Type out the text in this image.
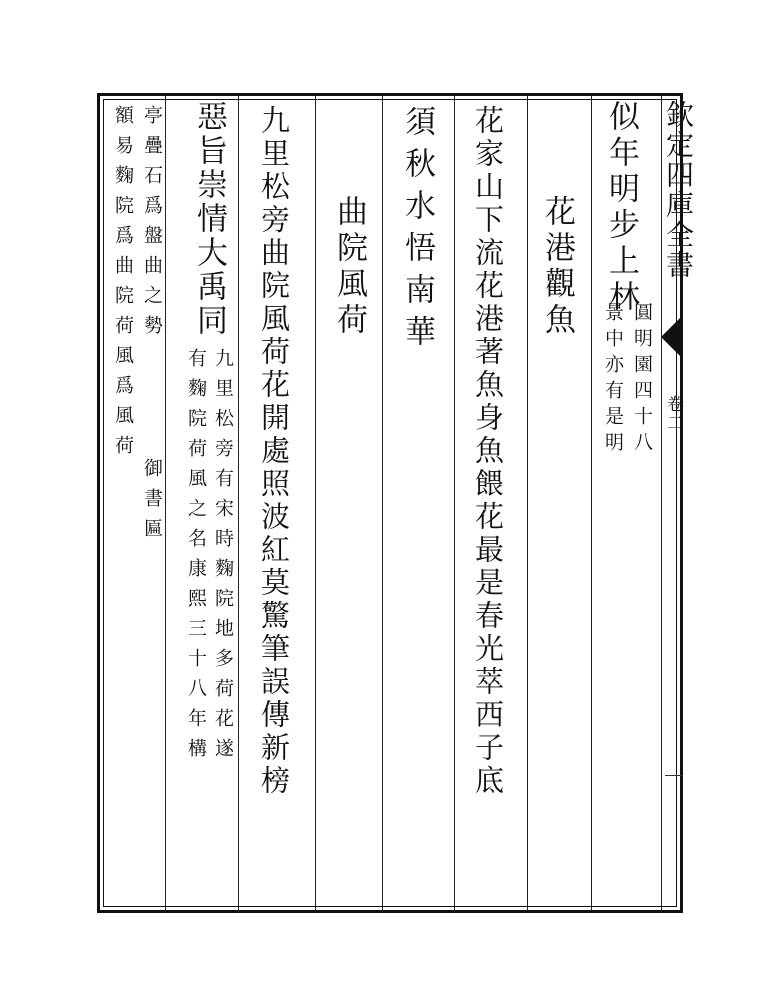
欽定四庫全書
卷二
似年明步上林
圓明園四十八
景中亦有是明
花港觀魚
花家山下流花港著魚身魚餵花最是春光萃西子底
須秋水悟南華
曲院風荷
九里松旁曲院風荷花開處照波紅莫驚筆誤傳新榜
惡旨崇情大禹同
九里松旁有宋時麴院地多荷花遂
有麴院荷風之名康熙三十八年構
亭疊石爲盤曲之勢
御書匾
額易麴院爲曲院荷風爲風荷
